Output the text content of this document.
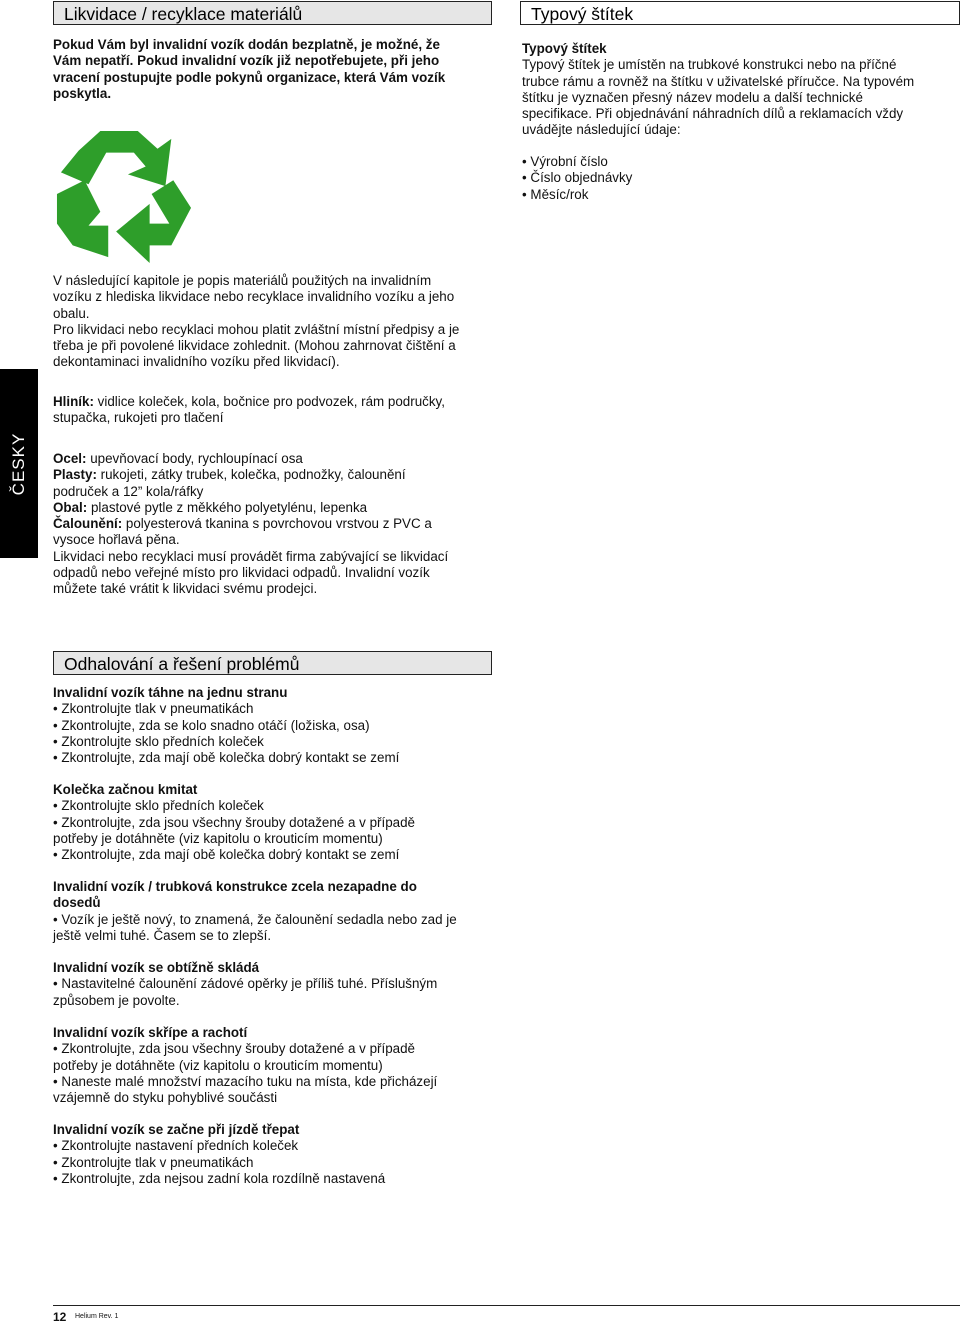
Likvidace / recyklace materiálů

Pokud Vám byl invalidní vozík dodán bezplatně, je možné, že

Vám nepatří. Pokud invalidní vozík již nepotřebujete, při jeho

vracení postupujte podle pokynů organizace, která Vám vozík

poskytla.

V následující kapitole je popis materiálů použitých na invalidním

vozíku z hlediska likvidace nebo recyklace invalidního vozíku a jeho

obalu.

Pro likvidaci nebo recyklaci mohou platit zvláštní místní předpisy a je

třeba je při povolené likvidace zohlednit. (Mohou zahrnovat čištění a

dekontaminaci invalidního vozíku před likvidací).

Hliník: vidlice koleček, kola, bočnice pro podvozek, rám područky,

stupačka, rukojeti pro tlačení

Ocel: upevňovací body, rychloupínací osa

Plasty: rukojeti, zátky trubek, kolečka, podnožky, čalounění

područek a 12” kola/ráfky

Obal: plastové pytle z měkkého polyetylénu, lepenka

Čalounění: polyesterová tkanina s povrchovou vrstvou z PVC a

vysoce hořlavá pěna.

Likvidaci nebo recyklaci musí provádět firma zabývající se likvidací

odpadů nebo veřejné místo pro likvidaci odpadů. Invalidní vozík

můžete také vrátit k likvidaci svému prodejci.

Typový štítek

Typový štítek

Typový štítek je umístěn na trubkové konstrukci nebo na příčné

trubce rámu a rovněž na štítku v uživatelské příručce. Na typovém

štítku je vyznačen přesný název modelu a další technické

specifikace. Při objednávání náhradních dílů a reklamacích vždy

uvádějte následující údaje:

• Výrobní číslo

• Číslo objednávky

• Měsíc/rok

ČESKY
Odhalování a řešení problémů

Invalidní vozík táhne na jednu stranu

• Zkontrolujte tlak v pneumatikách

• Zkontrolujte, zda se kolo snadno otáčí (ložiska, osa)

• Zkontrolujte sklo předních koleček

• Zkontrolujte, zda mají obě kolečka dobrý kontakt se zemí

Kolečka začnou kmitat

• Zkontrolujte sklo předních koleček

• Zkontrolujte, zda jsou všechny šrouby dotažené a v případě

potřeby je dotáhněte (viz kapitolu o krouticím momentu)

• Zkontrolujte, zda mají obě kolečka dobrý kontakt se zemí

Invalidní vozík / trubková konstrukce zcela nezapadne do

dosedů

• Vozík je ještě nový, to znamená, že čalounění sedadla nebo zad je

ještě velmi tuhé. Časem se to zlepší.

Invalidní vozík se obtížně skládá

• Nastavitelné čalounění zádové opěrky je příliš tuhé. Příslušným

způsobem je povolte.

Invalidní vozík skřípe a rachotí

• Zkontrolujte, zda jsou všechny šrouby dotažené a v případě

potřeby je dotáhněte (viz kapitolu o krouticím momentu)

• Naneste malé množství mazacího tuku na místa, kde přicházejí

vzájemně do styku pohyblivé součásti

Invalidní vozík se začne při jízdě třepat

• Zkontrolujte nastavení předních koleček

• Zkontrolujte tlak v pneumatikách

• Zkontrolujte, zda nejsou zadní kola rozdílně nastavená

12 Helium Rev. 1
